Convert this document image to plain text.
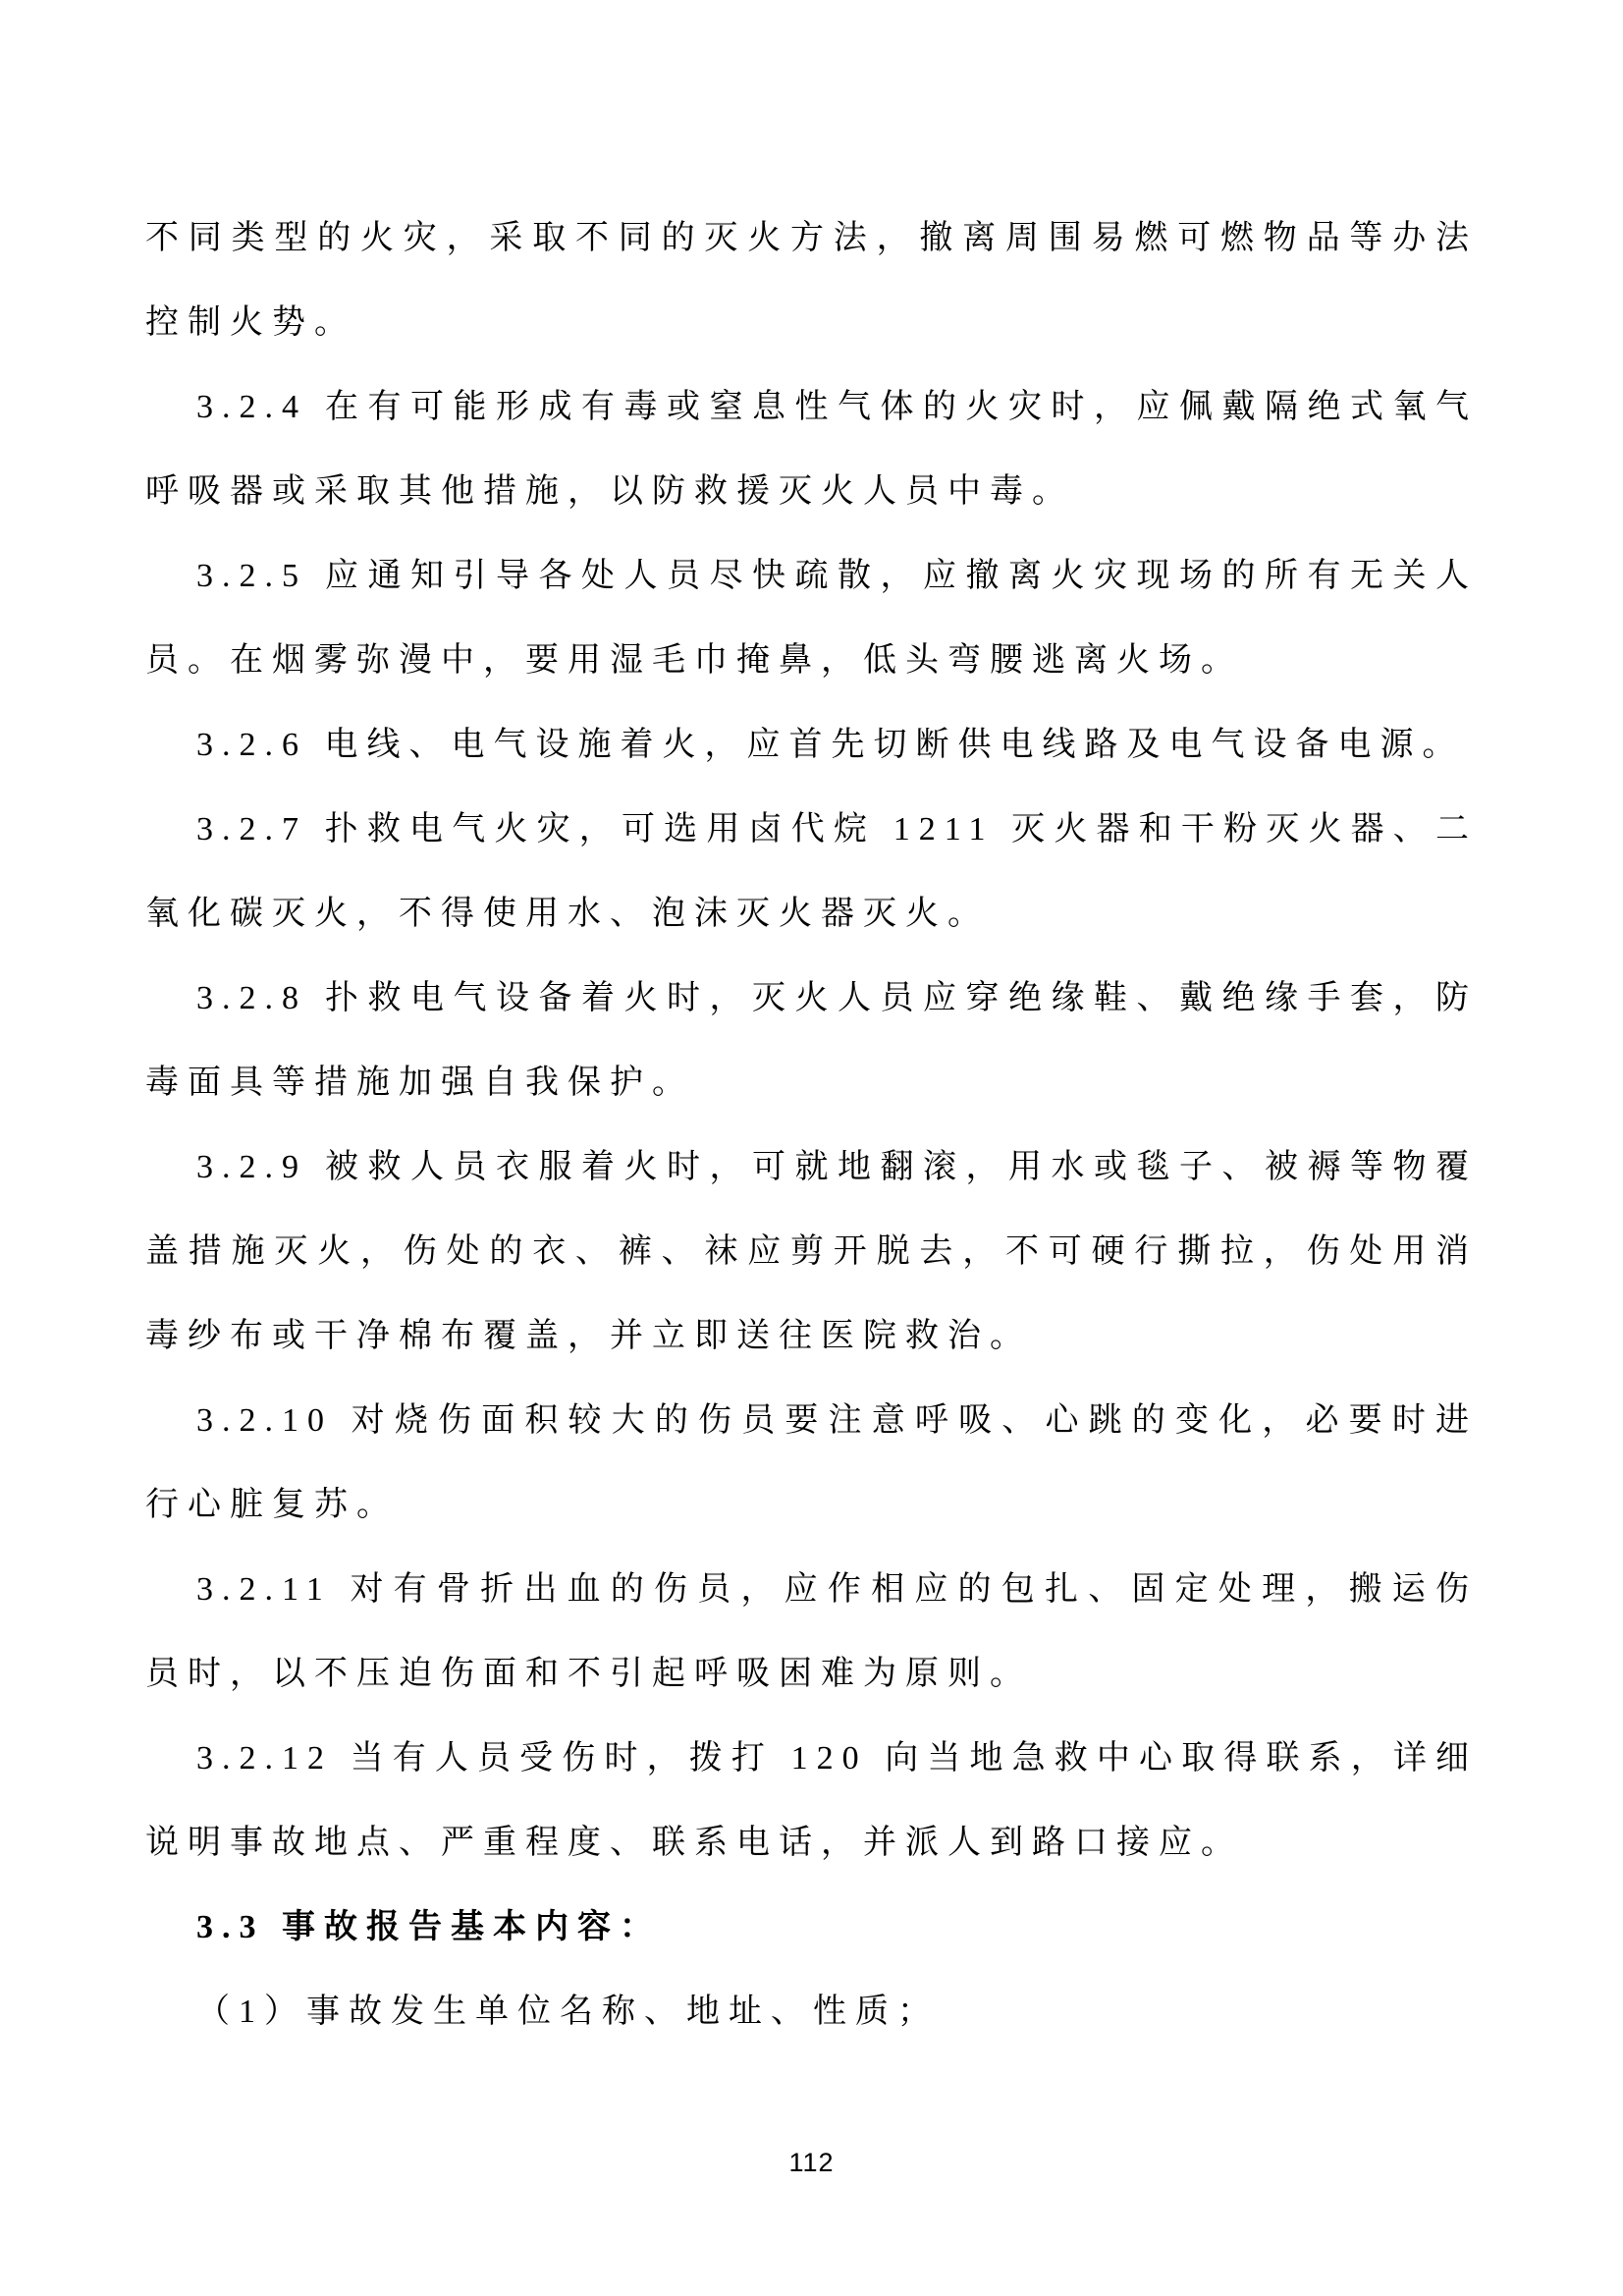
不同类型的火灾，采取不同的灭火方法，撤离周围易燃可燃物品等办法控制火势。

3.2.4 在有可能形成有毒或窒息性气体的火灾时，应佩戴隔绝式氧气呼吸器或采取其他措施，以防救援灭火人员中毒。

3.2.5 应通知引导各处人员尽快疏散，应撤离火灾现场的所有无关人员。在烟雾弥漫中，要用湿毛巾掩鼻，低头弯腰逃离火场。

3.2.6 电线、电气设施着火，应首先切断供电线路及电气设备电源。

3.2.7 扑救电气火灾，可选用卤代烷 1211 灭火器和干粉灭火器、二氧化碳灭火，不得使用水、泡沫灭火器灭火。

3.2.8 扑救电气设备着火时，灭火人员应穿绝缘鞋、戴绝缘手套，防毒面具等措施加强自我保护。

3.2.9 被救人员衣服着火时，可就地翻滚，用水或毯子、被褥等物覆盖措施灭火，伤处的衣、裤、袜应剪开脱去，不可硬行撕拉，伤处用消毒纱布或干净棉布覆盖，并立即送往医院救治。

3.2.10 对烧伤面积较大的伤员要注意呼吸、心跳的变化，必要时进行心脏复苏。

3.2.11 对有骨折出血的伤员，应作相应的包扎、固定处理，搬运伤员时，以不压迫伤面和不引起呼吸困难为原则。

3.2.12 当有人员受伤时，拨打 120 向当地急救中心取得联系，详细说明事故地点、严重程度、联系电话，并派人到路口接应。

3.3 事故报告基本内容：

（1）事故发生单位名称、地址、性质；

112
